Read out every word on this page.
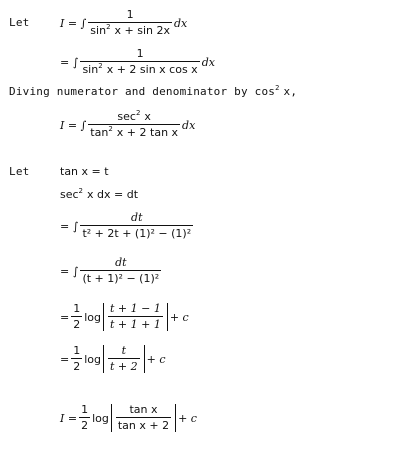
Let	I = ∫ $\frac{1}{\sin^2 x + \sin 2x}$ dx
= ∫ $\frac{1}{\sin^2 x + 2 \sin x \cos x}$ dx
Diving numerator and denominator by $\cos^2 x$,
I = ∫ $\frac{\sec^2 x}{\tan^2 x + 2 \tan x}$ dx
Let	tan x = t
$\sec^2 x$ dx = dt
= ∫ $\frac{dt}{\text{t² + 2t + (1)² − (1)²}}$
= ∫ $\frac{dt}{\text{(t + 1)² − (1)²}}$
= $\frac{1}{2}$ $\log \frac{t + 1 - 1}{t + 1 + 1} + c$
= $\frac{1}{2}$ $\log \frac{t}{t + 2} + c$
$I = \frac{1}{2}$ $\log \frac{\text{tan x}}{\text{tan x + 2}} + c$
